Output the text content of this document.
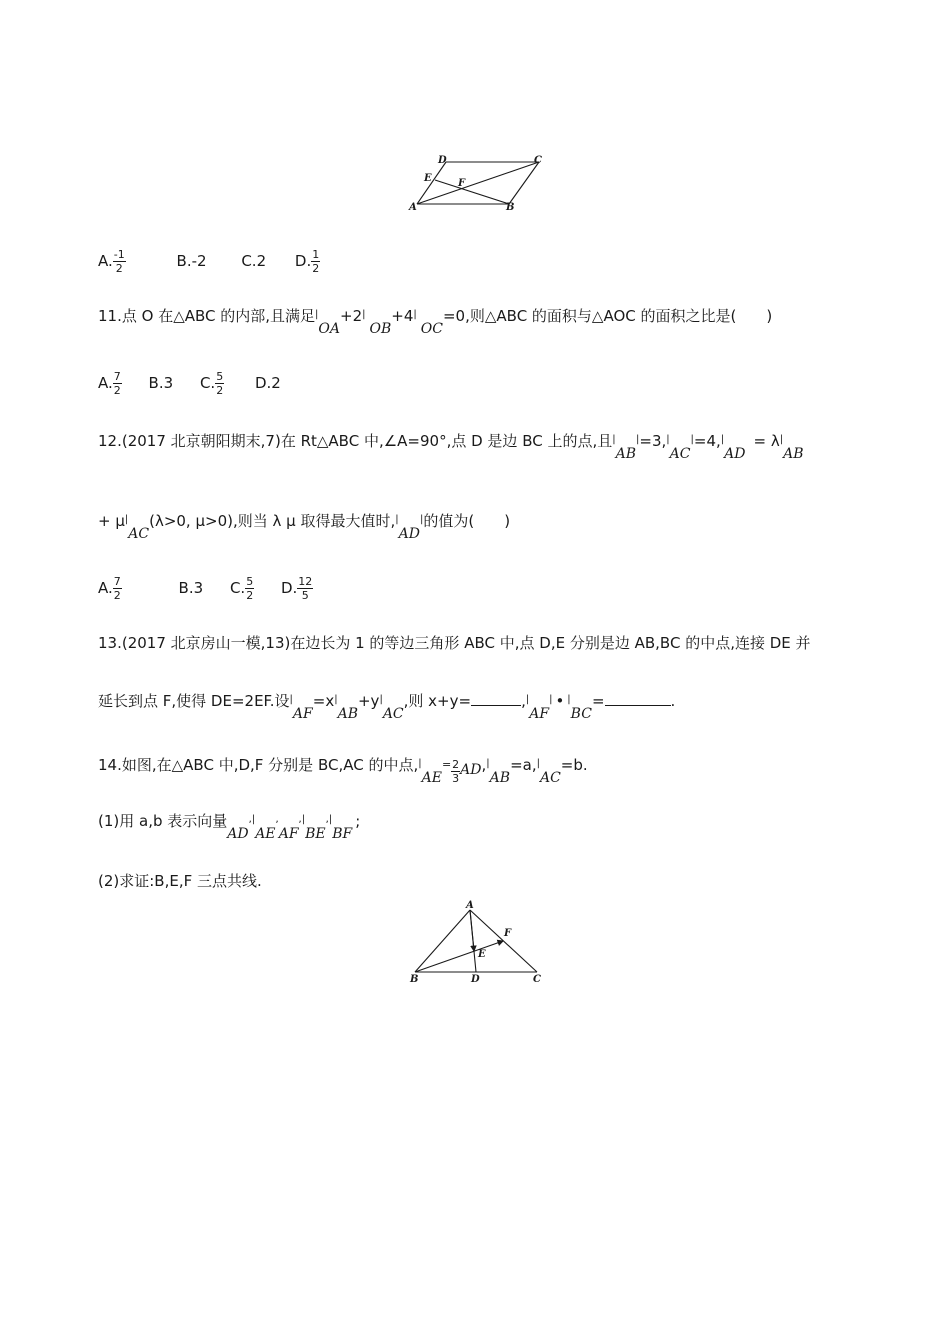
D	C
E	F
A	B
A. $\frac{-1}{2}$	B.-2 C.2 D. $\frac{1}{2}$
11.点 O 在△ABC 的内部,且满足|OA+2|OB+4|OC=0,则△ABC 的面积与△AOC 的面积之比是(　　)
A. $\frac{7}{2} B.3$ C. $\frac{5}{2} D.2$
12.(2017 北京朝阳期末,7)在 Rt△ABC 中,∠A=90°,点 D 是边 BC 上的点,且|AB|=3,|AC|=4,|AD= λ|AB
+ μ|AC(λ>0, μ>0),则当 λ μ 取得最大值时,|AD|的值为(　　)
A. $\frac{7}{2}$	B.3 C. $\frac{5}{2} D$. $\frac{12}{5}$
13.(2017 北京房山一模,13)在边长为 1 的等边三角形 ABC 中,点 D,E 分别是边 AB,BC 的中点,连接 DE 并
延长到点 F,使得 DE=2EF.设|AF=x|AB+y|AC,则 x+y=	,|AF| • |BC=	.
14.如图,在△ABC 中,D,F 分别是 BC,AC 的中点$,^|AE= \frac{2}{3} AD,^|AB=a,^|AC=b$.
(1)用 a,b 表示向量AD,|AE,AF,|BE,|BF;
(2)求证:B,E,F 三点共线.
A
F
E
B	D	C
